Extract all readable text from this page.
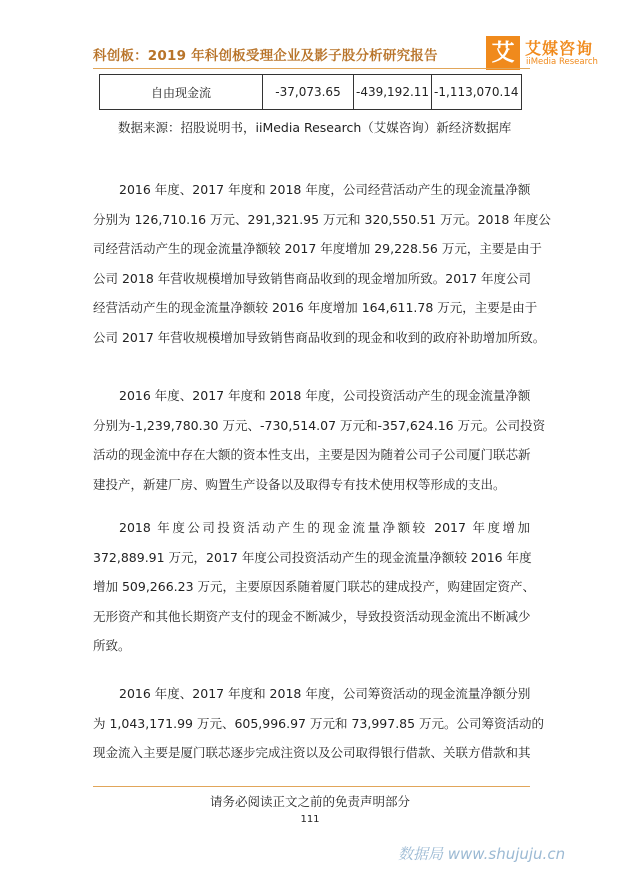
科创板：2019 年科创板受理企业及影子股分析研究报告 艾 艾媒咨询
iiMedia Research
自由现金流	-37,073.65	-439,192.11	-1,113,070.14
数据来源：招股说明书，iiMedia Research（艾媒咨询）新经济数据库
2016 年度、2017 年度和 2018 年度，公司经营活动产生的现金流量净额
分别为 126,710.16 万元、291,321.95 万元和 320,550.51 万元。2018 年度公
司经营活动产生的现金流量净额较 2017 年度增加 29,228.56 万元，主要是由于
公司 2018 年营收规模增加导致销售商品收到的现金增加所致。2017 年度公司
经营活动产生的现金流量净额较 2016 年度增加 164,611.78 万元，主要是由于
公司 2017 年营收规模增加导致销售商品收到的现金和收到的政府补助增加所致。
2016 年度、2017 年度和 2018 年度，公司投资活动产生的现金流量净额
分别为-1,239,780.30 万元、-730,514.07 万元和-357,624.16 万元。公司投资
活动的现金流中存在大额的资本性支出，主要是因为随着公司子公司厦门联芯新
建投产，新建厂房、购置生产设备以及取得专有技术使用权等形成的支出。
2018 年度公司投资活动产生的现金流量净额较 2017 年度增加
372,889.91 万元，2017 年度公司投资活动产生的现金流量净额较 2016 年度
增加 509,266.23 万元，主要原因系随着厦门联芯的建成投产，购建固定资产、
无形资产和其他长期资产支付的现金不断减少，导致投资活动现金流出不断减少
所致。
2016 年度、2017 年度和 2018 年度，公司筹资活动的现金流量净额分别
为 1,043,171.99 万元、605,996.97 万元和 73,997.85 万元。公司筹资活动的
现金流入主要是厦门联芯逐步完成注资以及公司取得银行借款、关联方借款和其
请务必阅读正文之前的免责声明部分
111
数据局 www.shujuju.cn
